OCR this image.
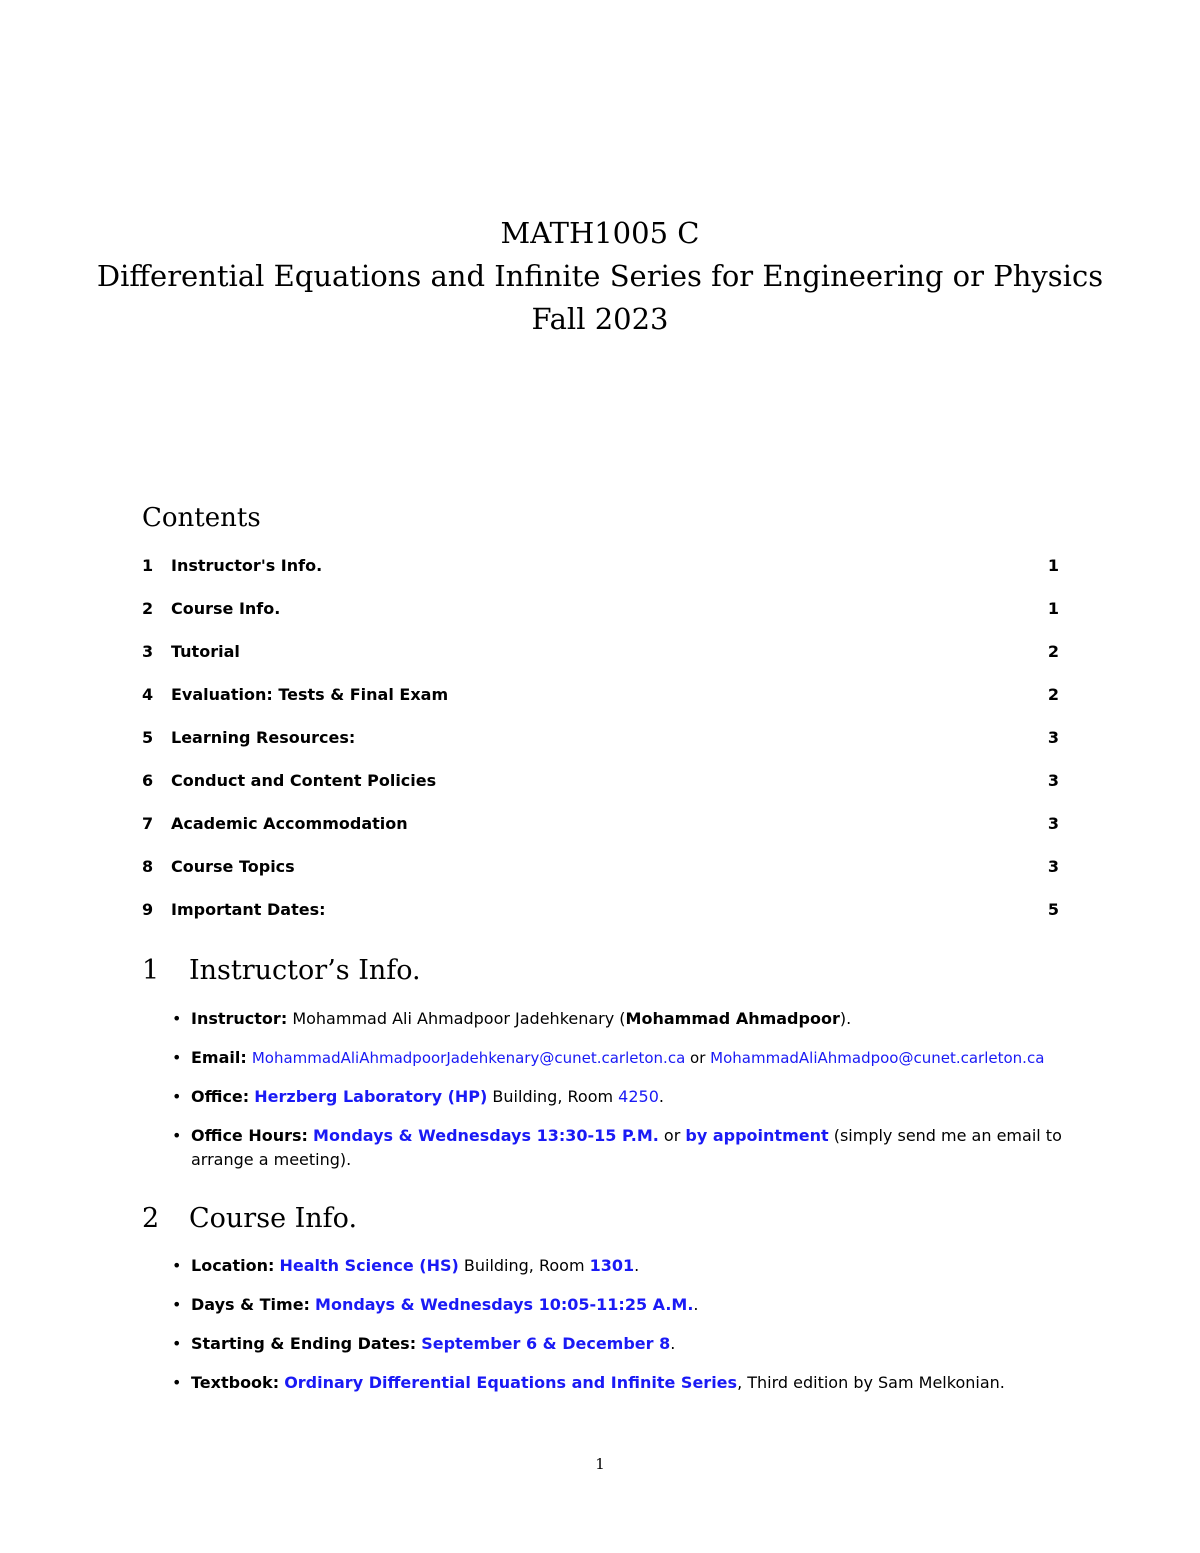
MATH1005 C
Differential Equations and Infinite Series for Engineering or Physics
Fall 2023
Contents
1	Instructor's Info.	1
2	Course Info.	1
3	Tutorial	2
4	Evaluation: Tests & Final Exam	2
5	Learning Resources:	3
6	Conduct and Content Policies	3
7	Academic Accommodation	3
8	Course Topics	3
9	Important Dates:	5
1 Instructor’s Info.
• Instructor: Mohammad Ali Ahmadpoor Jadehkenary (Mohammad Ahmadpoor).
• Email: MohammadAliAhmadpoorJadehkenary@cunet.carleton.ca or MohammadAliAhmadpoo@cunet.carleton.ca
• Office: Herzberg Laboratory (HP) Building, Room 4250.
• Office Hours: Mondays & Wednesdays 13:30-15 P.M. or by appointment (simply send me an email to arrange a meeting).
2 Course Info.
• Location: Health Science (HS) Building, Room 1301.
• Days & Time: Mondays & Wednesdays 10:05-11:25 A.M..
• Starting & Ending Dates: September 6 & December 8.
• Textbook: Ordinary Differential Equations and Infinite Series, Third edition by Sam Melkonian.
1
